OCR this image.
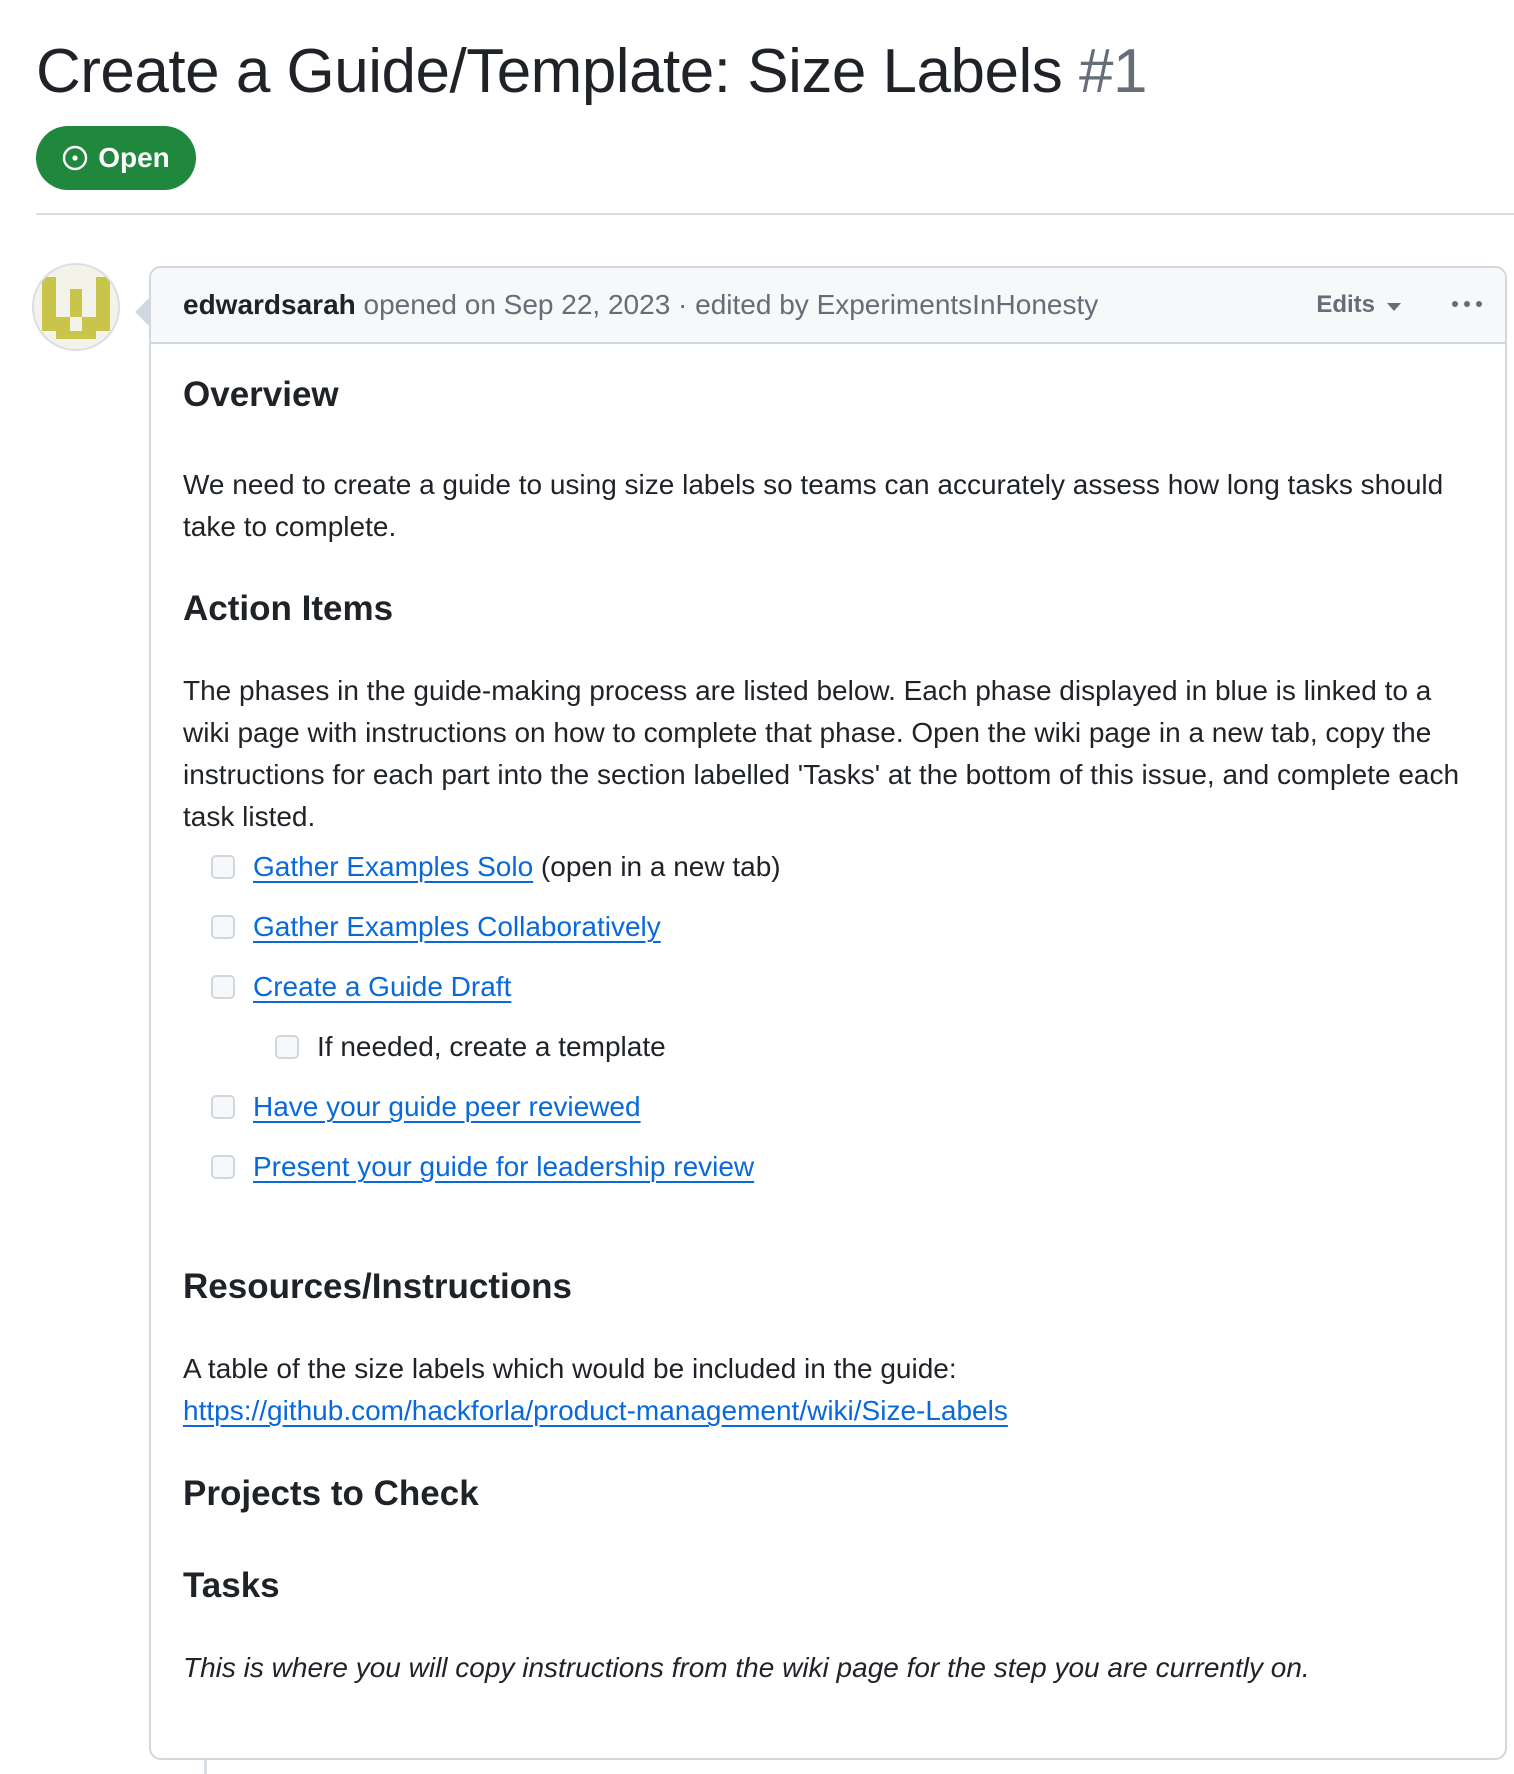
Create a Guide/Template: Size Labels #1
Open
edwardsarah opened on Sep 22, 2023 · edited by ExperimentsInHonesty	Edits
Overview

We need to create a guide to using size labels so teams can accurately assess how long tasks should take to complete.

Action Items

The phases in the guide-making process are listed below. Each phase displayed in blue is linked to a wiki page with instructions on how to complete that phase. Open the wiki page in a new tab, copy the instructions for each part into the section labelled 'Tasks' at the bottom of this issue, and complete each task listed.

Gather Examples Solo (open in a new tab)
Gather Examples Collaboratively
Create a Guide Draft
If needed, create a template
Have your guide peer reviewed
Present your guide for leadership review
Resources/Instructions

A table of the size labels which would be included in the guide:
https://github.com/hackforla/product-management/wiki/Size-Labels

Projects to Check
Tasks

This is where you will copy instructions from the wiki page for the step you are currently on.
